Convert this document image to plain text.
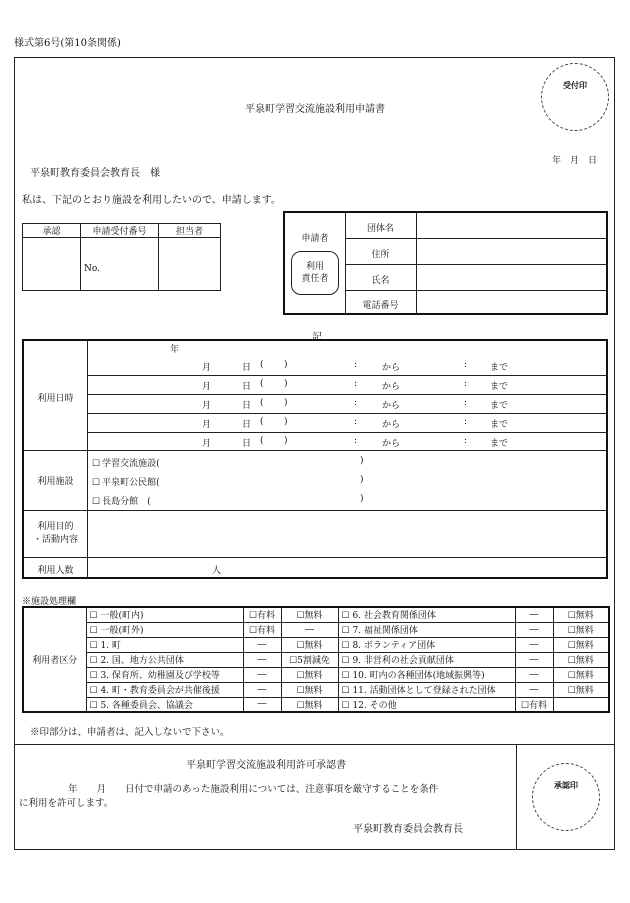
様式第6号(第10条関係)
受付印
平泉町学習交流施設利用申請書
年　月　日
平泉町教育委員会教育長　様
私は、下記のとおり施設を利用したいので、申請します。
承認	申請受付番号	担当者
	No.	
申請者
利用
責任者
団体名
住所
氏名
電話番号
記
利用日時
年
月	日 ( )	:	から	:	まで
月	日 ( )	:	から	:	まで
月	日 ( )	:	から	:	まで
月	日 ( )	:	から	:	まで
月	日 ( )	:	から	:	まで
利用施設
☐ 学習交流施設(	)
☐ 平泉町公民館(	)
☐ 長島分館　(	)
利用目的
・活動内容
利用人数	人
※施設処理欄
利用者区分	☐ 一般(町内)	☐有料	☐無料	☐ 6. 社会教育関係団体	―	☐無料
	☐ 一般(町外)	☐有料	―	☐ 7. 福祉関係団体	―	☐無料
	☐ 1. 町	―	☐無料	☐ 8. ボランティア団体	―	☐無料
	☐ 2. 国、地方公共団体	―	☐5割減免	☐ 9. 非営利の社会貢献団体	―	☐無料
	☐ 3. 保育所、幼稚園及び学校等	―	☐無料	☐ 10. 町内の各種団体(地域振興等)	―	☐無料
	☐ 4. 町・教育委員会が共催後援	―	☐無料	☐ 11. 活動団体として登録された団体	―	☐無料
	☐ 5. 各種委員会、協議会	―	☐無料	☐ 12. その他	☐有料	
※印部分は、申請者は、記入しないで下さい。
平泉町学習交流施設利用許可承認書
年　　月　　日付で申請のあった施設利用については、注意事項を厳守することを条件
に利用を許可します。
平泉町教育委員会教育長
承認印
